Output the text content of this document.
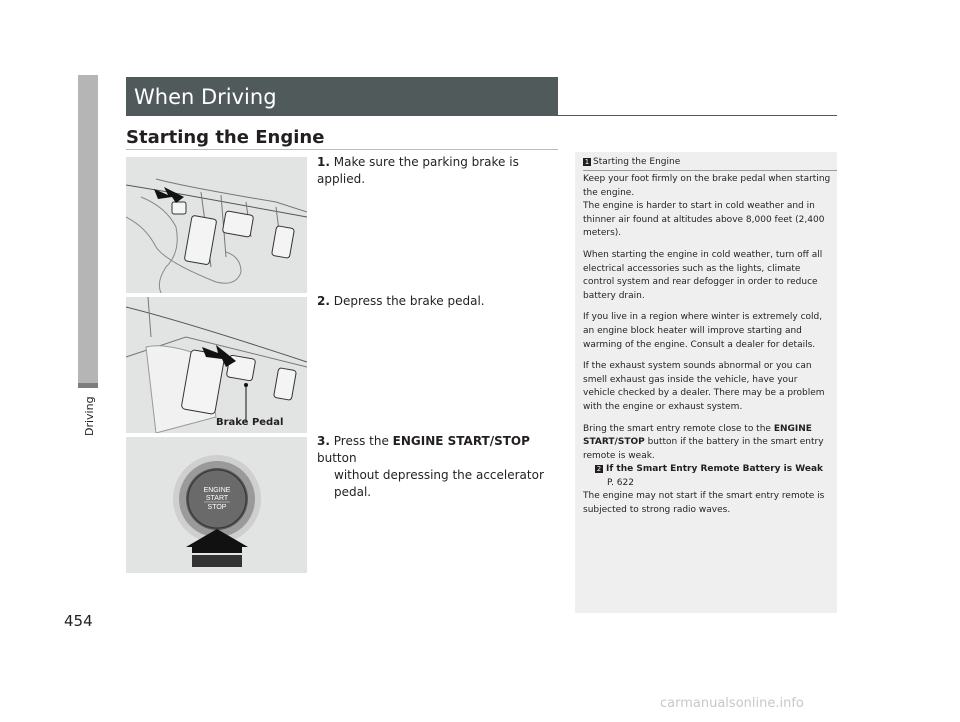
Driving
When Driving
Starting the Engine
Brake Pedal
ENGINE
START
STOP
1. Make sure the parking brake is applied.
2. Depress the brake pedal.
3. Press the ENGINE START/STOP button
without depressing the accelerator pedal.
1 Starting the Engine

Keep your foot firmly on the brake pedal when starting the engine.
The engine is harder to start in cold weather and in thinner air found at altitudes above 8,000 feet (2,400 meters).

When starting the engine in cold weather, turn off all electrical accessories such as the lights, climate control system and rear defogger in order to reduce battery drain.

If you live in a region where winter is extremely cold, an engine block heater will improve starting and warming of the engine. Consult a dealer for details.

If the exhaust system sounds abnormal or you can smell exhaust gas inside the vehicle, have your vehicle checked by a dealer. There may be a problem with the engine or exhaust system.

Bring the smart entry remote close to the ENGINE START/STOP button if the battery in the smart entry remote is weak.
2 If the Smart Entry Remote Battery is Weak
P. 622
The engine may not start if the smart entry remote is subjected to strong radio waves.

454
carmanualsonline.info
